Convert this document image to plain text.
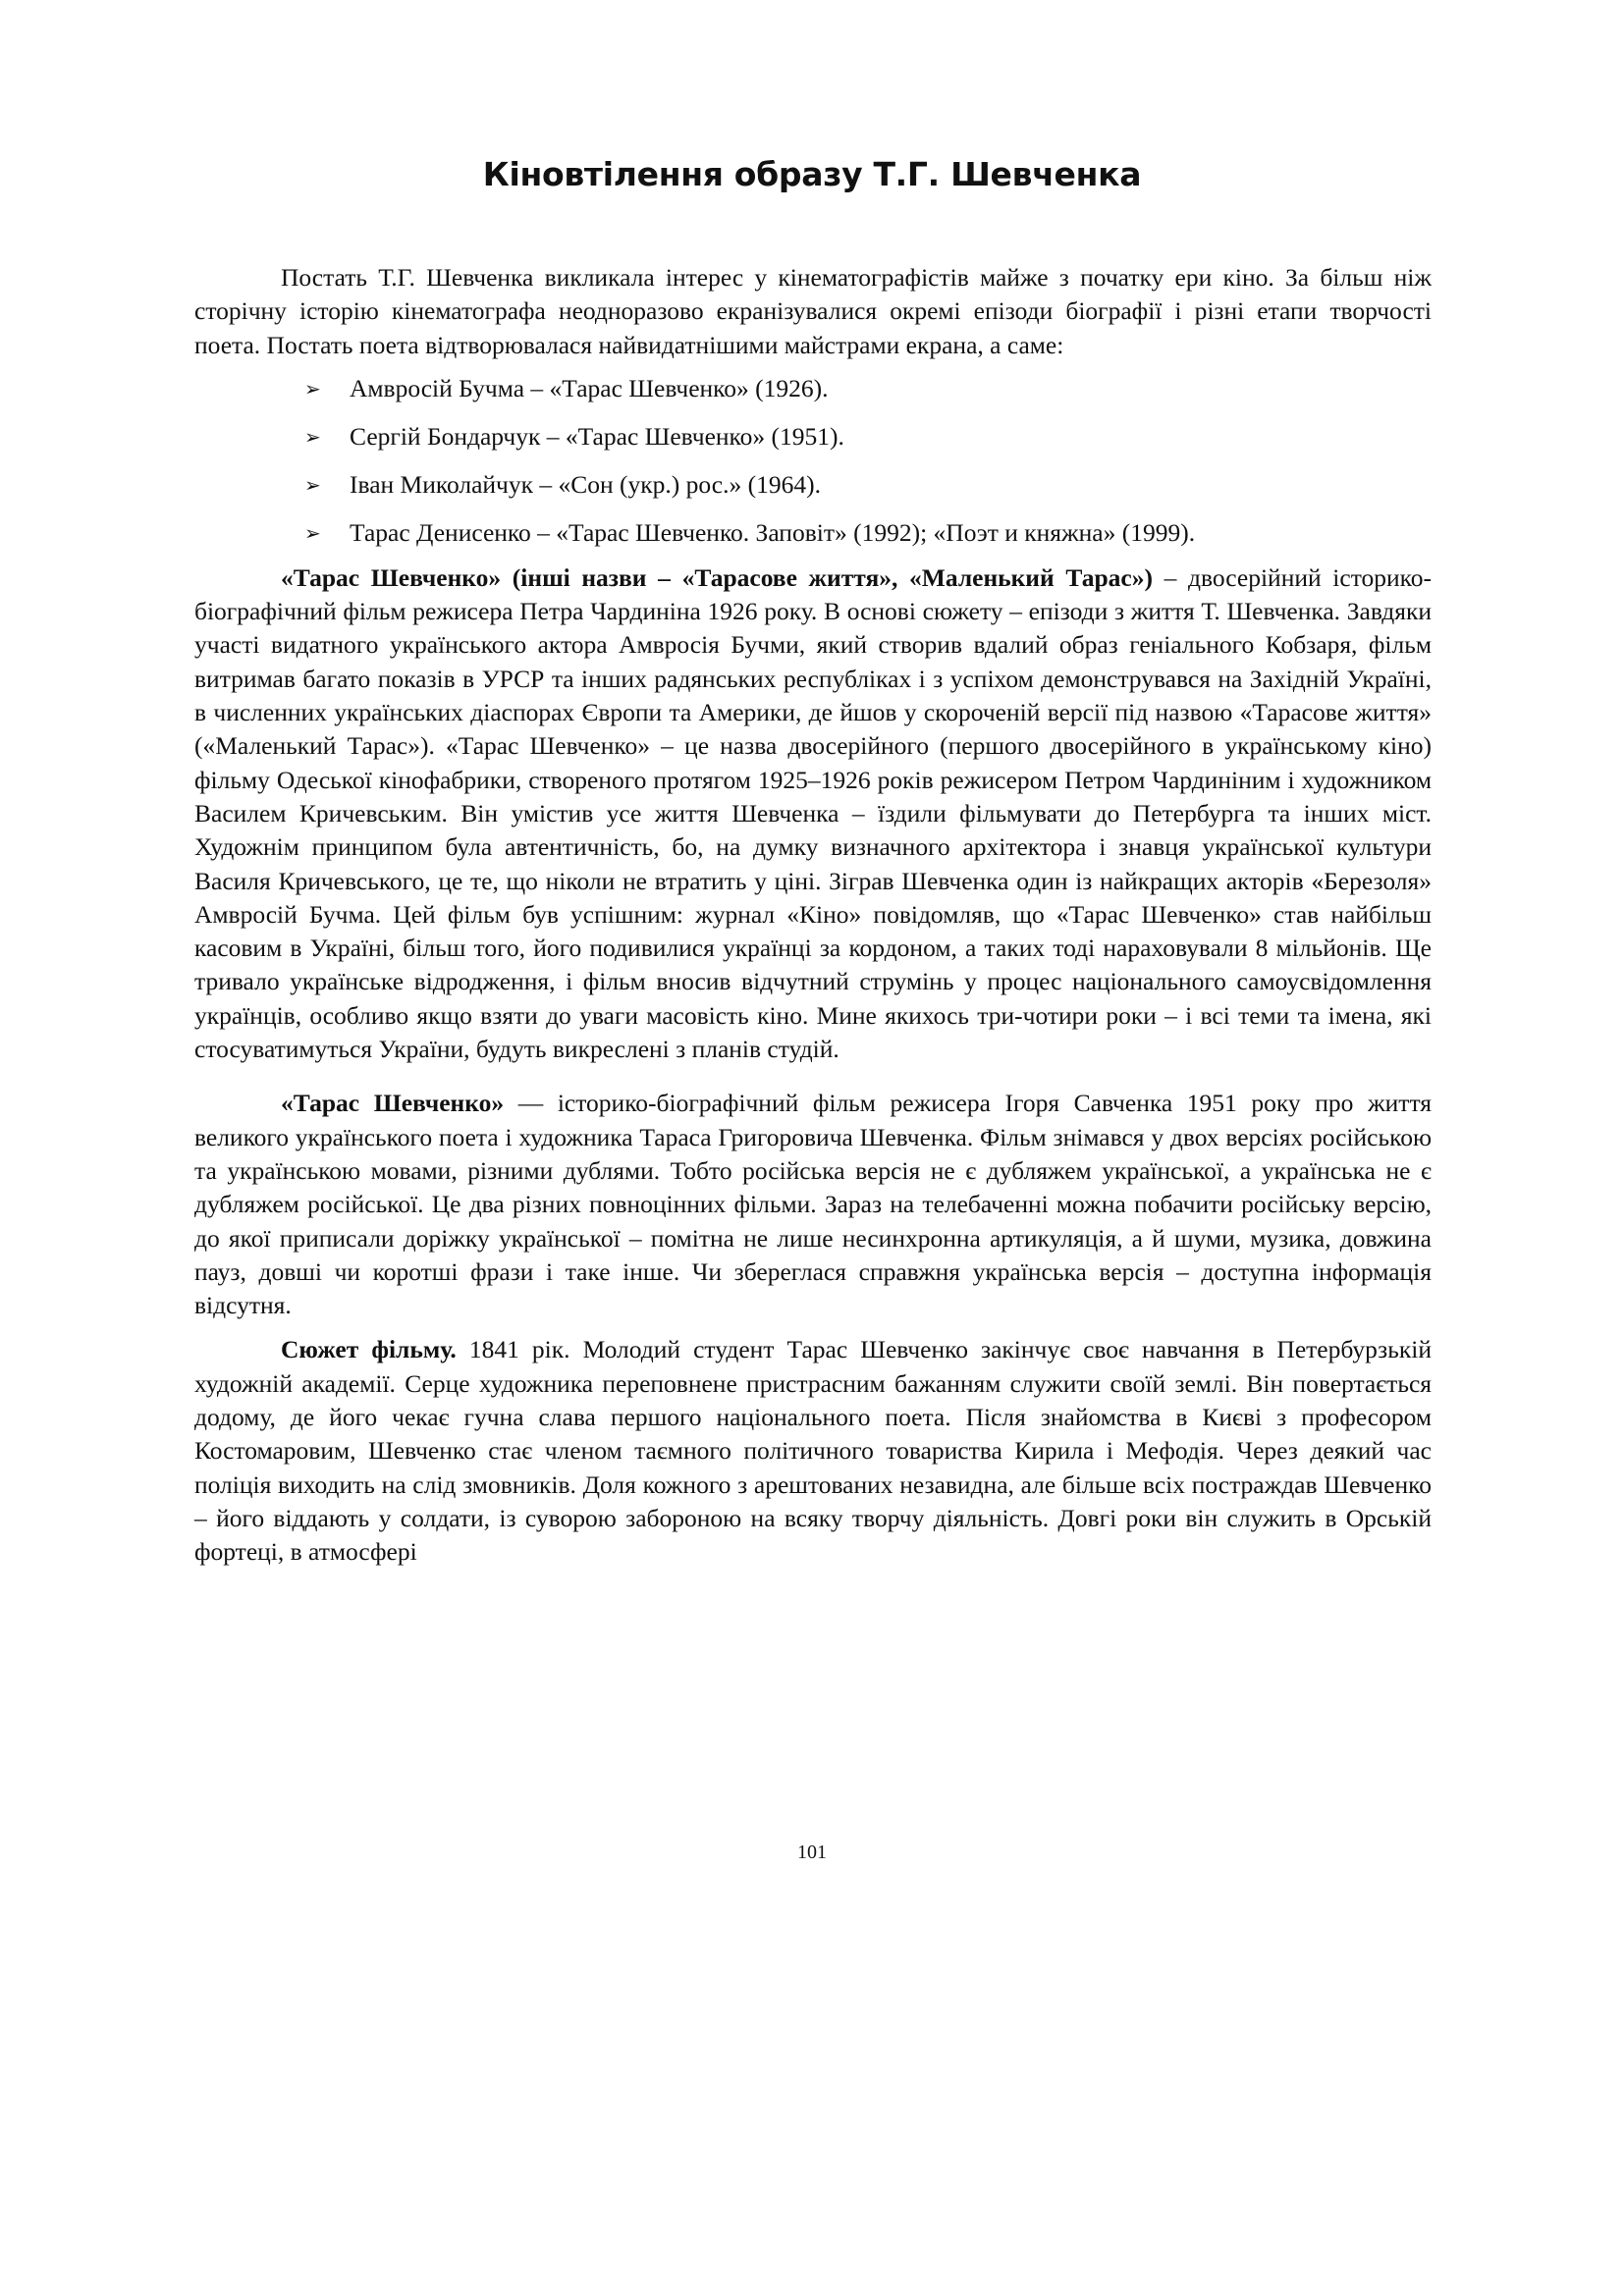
Кіновтілення образу Т.Г. Шевченка

Постать Т.Г. Шевченка викликала інтерес у кінематографістів майже з початку ери кіно. За більш ніж сторічну історію кінематографа неодноразово екранізувалися окремі епізоди біографії і різні етапи творчості поета. Постать поета відтворювалася найвидатнішими майстрами екрана, а саме:

➢ Амвросій Бучма – «Тарас Шевченко» (1926).
➢ Сергій Бондарчук – «Тарас Шевченко» (1951).
➢ Іван Миколайчук – «Сон (укр.) рос.» (1964).
➢ Тарас Денисенко – «Тарас Шевченко. Заповіт» (1992); «Поэт и княжна» (1999).

«Тарас Шевченко» (інші назви – «Тарасове життя», «Маленький Тарас») – двосерійний історико-біографічний фільм режисера Петра Чардиніна 1926 року. В основі сюжету – епізоди з життя Т. Шевченка. Завдяки участі видатного українського актора Амвросія Бучми, який створив вдалий образ геніального Кобзаря, фільм витримав багато показів в УРСР та інших радянських республіках і з успіхом демонструвався на Західній Україні, в численних українських діаспорах Європи та Америки, де йшов у скороченій версії під назвою «Тарасове життя» («Маленький Тарас»). «Тарас Шевченко» – це назва двосерійного (першого двосерійного в українському кіно) фільму Одеської кінофабрики, створеного протягом 1925–1926 років режисером Петром Чардиніним і художником Василем Кричевським. Він умістив усе життя Шевченка – їздили фільмувати до Петербурга та інших міст. Художнім принципом була автентичність, бо, на думку визначного архітектора і знавця української культури Василя Кричевського, це те, що ніколи не втратить у ціні. Зіграв Шевченка один із найкращих акторів «Березоля» Амвросій Бучма. Цей фільм був успішним: журнал «Кіно» повідомляв, що «Тарас Шевченко» став найбільш касовим в Україні, більш того, його подивилися українці за кордоном, а таких тоді нараховували 8 мільйонів. Ще тривало українське відродження, і фільм вносив відчутний струмінь у процес національного самоусвідомлення українців, особливо якщо взяти до уваги масовість кіно. Мине якихось три-чотири роки – і всі теми та імена, які стосуватимуться України, будуть викреслені з планів студій.

«Тарас Шевченко» — історико-біографічний фільм режисера Ігоря Савченка 1951 року про життя великого українського поета і художника Тараса Григоровича Шевченка. Фільм знімався у двох версіях російською та українською мовами, різними дублями. Тобто російська версія не є дубляжем української, а українська не є дубляжем російської. Це два різних повноцінних фільми. Зараз на телебаченні можна побачити російську версію, до якої приписали доріжку української – помітна не лише несинхронна артикуляція, а й шуми, музика, довжина пауз, довші чи коротші фрази і таке інше. Чи збереглася справжня українська версія – доступна інформація відсутня.

Сюжет фільму. 1841 рік. Молодий студент Тарас Шевченко закінчує своє навчання в Петербурзькій художній академії. Серце художника переповнене пристрасним бажанням служити своїй землі. Він повертається додому, де його чекає гучна слава першого національного поета. Після знайомства в Києві з професором Костомаровим, Шевченко стає членом таємного політичного товариства Кирила і Мефодія. Через деякий час поліція виходить на слід змовників. Доля кожного з арештованих незавидна, але більше всіх постраждав Шевченко – його віддають у солдати, із суворою забороною на всяку творчу діяльність. Довгі роки він служить в Орській фортеці, в атмосфері

101
